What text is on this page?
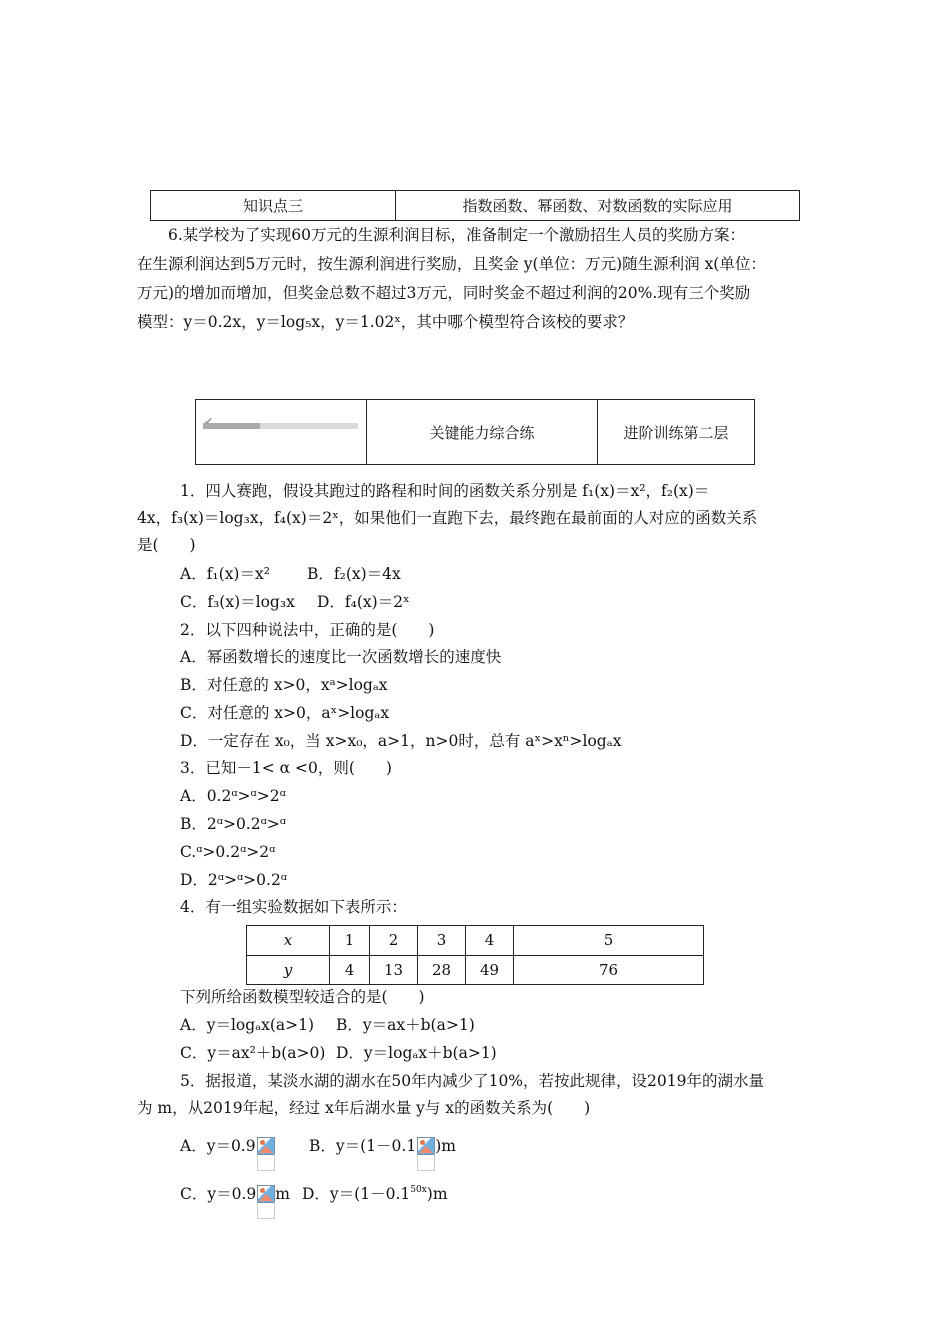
知识点三	指数函数、幂函数、对数函数的实际应用
6.某学校为了实现60万元的生源利润目标，准备制定一个激励招生人员的奖励方案：
在生源利润达到5万元时，按生源利润进行奖励，且奖金 y(单位：万元)随生源利润 x(单位：
万元)的增加而增加，但奖金总数不超过3万元，同时奖金不超过利润的20%.现有三个奖励
模型：y＝0.2x，y＝log₅x，y＝1.02ˣ，其中哪个模型符合该校的要求？
✔
	关键能力综合练	进阶训练第二层
1．四人赛跑，假设其跑过的路程和时间的函数关系分别是 f₁(x)＝x²，f₂(x)＝
4x，f₃(x)＝log₃x，f₄(x)＝2ˣ，如果他们一直跑下去，最终跑在最前面的人对应的函数关系
是(　　)
A．f₁(x)＝x² B．f₂(x)＝4x
C．f₃(x)＝log₃x D．f₄(x)＝2ˣ
2．以下四种说法中，正确的是(　　)
A．幂函数增长的速度比一次函数增长的速度快
B．对任意的 x>0，xᵃ>logₐx
C．对任意的 x>0，aˣ>logₐx
D．一定存在 x₀，当 x>x₀，a>1，n>0时，总有 aˣ>xⁿ>logₐx
3．已知－1< α <0，则(　　)
A．0.2ᵅ>ᵅ>2ᵅ
B．2ᵅ>0.2ᵅ>ᵅ
C.ᵅ>0.2ᵅ>2ᵅ
D．2ᵅ>ᵅ>0.2ᵅ
4．有一组实验数据如下表所示：
x	1	2	3	4	5
y	4	13	28	49	76
下列所给函数模型较适合的是(　　)
A．y＝logₐx(a>1) B．y＝ax＋b(a>1)
C．y＝ax²＋b(a>0) D．y＝logₐx＋b(a>1)
5．据报道，某淡水湖的湖水在50年内减少了10%，若按此规律，设2019年的湖水量
为 m，从2019年起，经过 x年后湖水量 y与 x的函数关系为(　　)
A．y＝0.9	B．y＝(1－0.1 )m
C．y＝0.9 m D．$y=(1-0.1^{50x})m$
